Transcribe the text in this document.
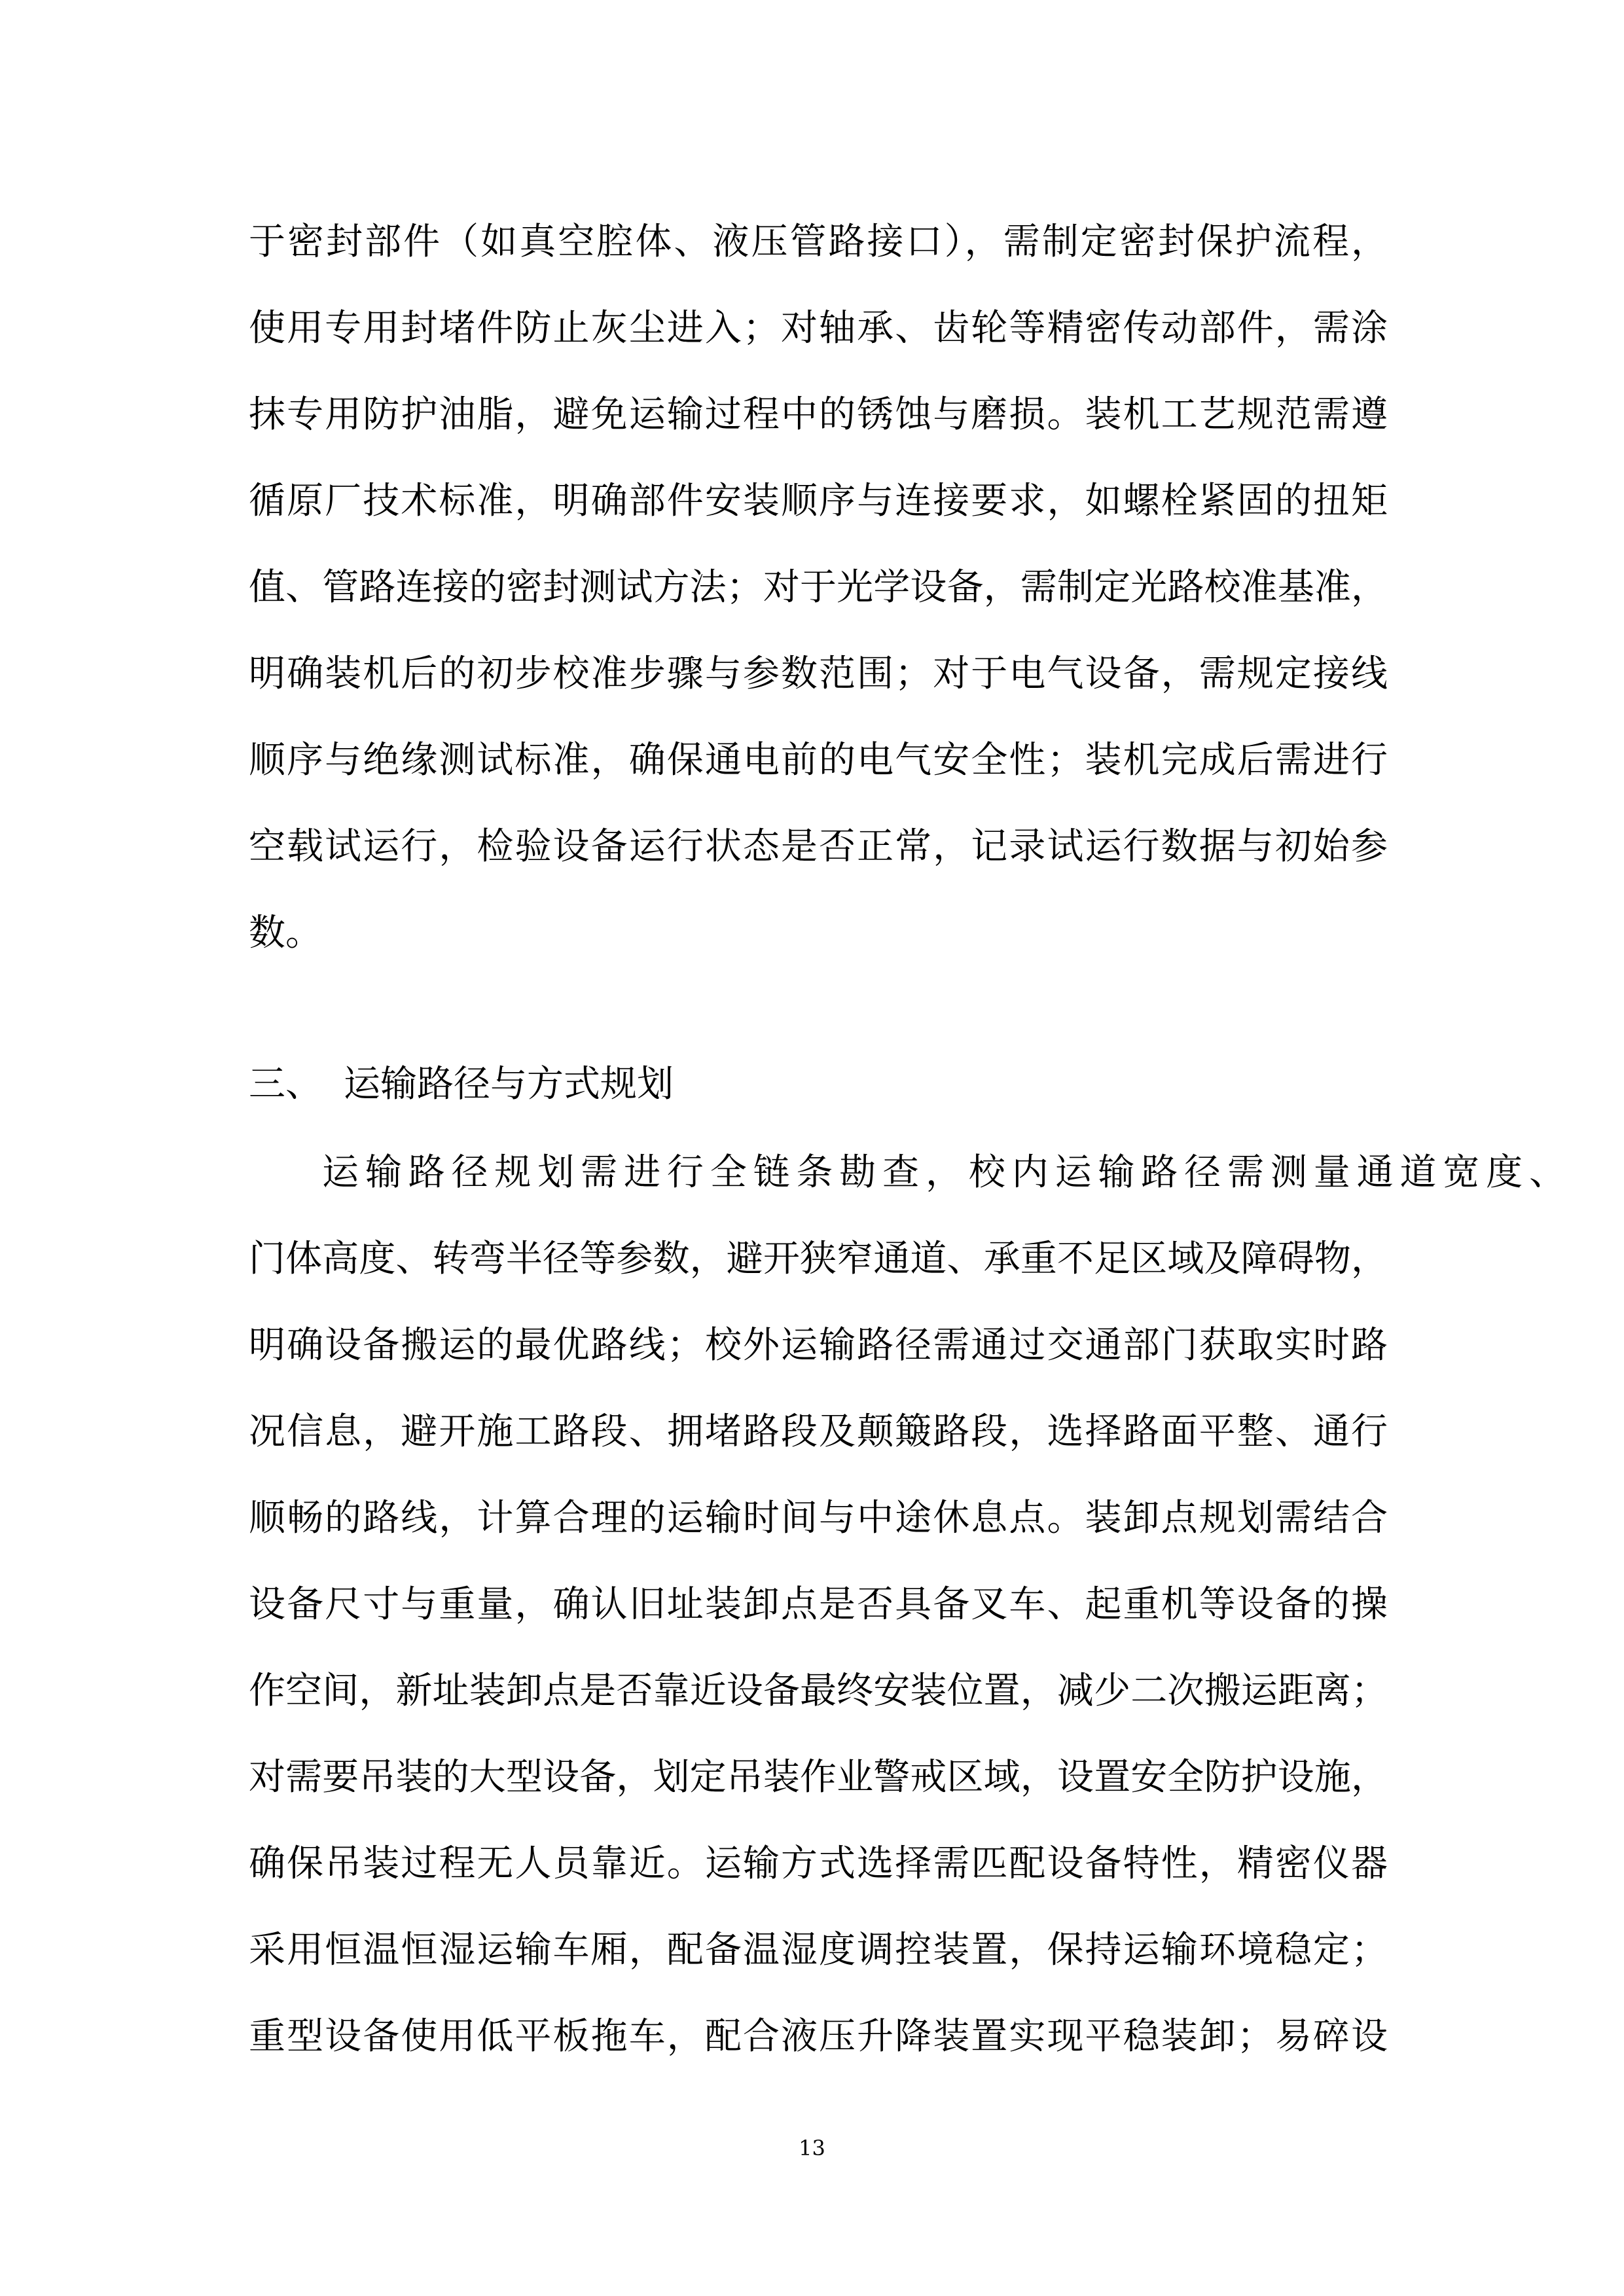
于密封部件（如真空腔体、液压管路接口），需制定密封保护流程，
使用专用封堵件防止灰尘进入；对轴承、齿轮等精密传动部件，需涂
抹专用防护油脂，避免运输过程中的锈蚀与磨损。装机工艺规范需遵
循原厂技术标准，明确部件安装顺序与连接要求，如螺栓紧固的扭矩
值、管路连接的密封测试方法；对于光学设备，需制定光路校准基准，
明确装机后的初步校准步骤与参数范围；对于电气设备，需规定接线
顺序与绝缘测试标准，确保通电前的电气安全性；装机完成后需进行
空载试运行，检验设备运行状态是否正常，记录试运行数据与初始参
数。
三、 运输路径与方式规划
运输路径规划需进行全链条勘查，校内运输路径需测量通道宽度、
门体高度、转弯半径等参数，避开狭窄通道、承重不足区域及障碍物，
明确设备搬运的最优路线；校外运输路径需通过交通部门获取实时路
况信息，避开施工路段、拥堵路段及颠簸路段，选择路面平整、通行
顺畅的路线，计算合理的运输时间与中途休息点。装卸点规划需结合
设备尺寸与重量，确认旧址装卸点是否具备叉车、起重机等设备的操
作空间，新址装卸点是否靠近设备最终安装位置，减少二次搬运距离；
对需要吊装的大型设备，划定吊装作业警戒区域，设置安全防护设施，
确保吊装过程无人员靠近。运输方式选择需匹配设备特性，精密仪器
采用恒温恒湿运输车厢，配备温湿度调控装置，保持运输环境稳定；
重型设备使用低平板拖车，配合液压升降装置实现平稳装卸；易碎设
13
